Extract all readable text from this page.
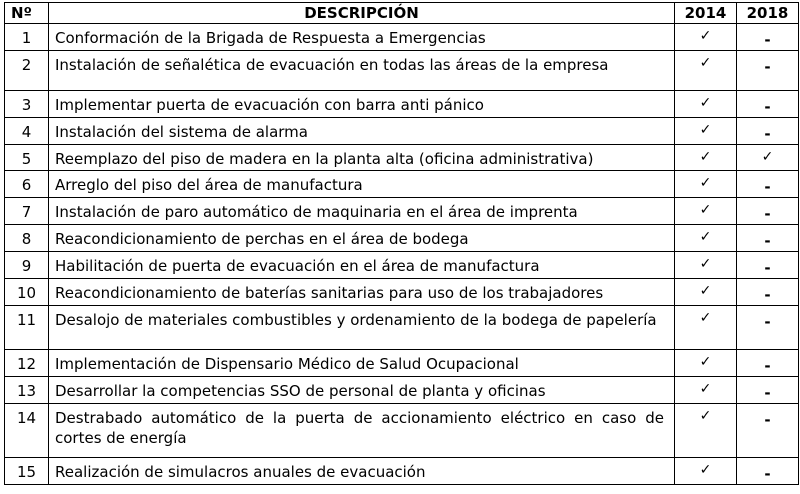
Nº	DESCRIPCIÓN	2014	2018
1	Conformación de la Brigada de Respuesta a Emergencias	✓	-
2	Instalación de señalética de evacuación en todas las áreas de la empresa	✓	-
3	Implementar puerta de evacuación con barra anti pánico	✓	-
4	Instalación del sistema de alarma	✓	-
5	Reemplazo del piso de madera en la planta alta (oficina administrativa)	✓	✓
6	Arreglo del piso del área de manufactura	✓	-
7	Instalación de paro automático de maquinaria en el área de imprenta	✓	-
8	Reacondicionamiento de perchas en el área de bodega	✓	-
9	Habilitación de puerta de evacuación en el área de manufactura	✓	-
10	Reacondicionamiento de baterías sanitarias para uso de los trabajadores	✓	-
11	Desalojo de materiales combustibles y ordenamiento de la bodega de papelería	✓	-
12	Implementación de Dispensario Médico de Salud Ocupacional	✓	-
13	Desarrollar la competencias SSO de personal de planta y oficinas	✓	-
14	Destrabado automático de la puerta de accionamiento eléctrico en caso de cortes de energía	✓	-
15	Realización de simulacros anuales de evacuación	✓	-
